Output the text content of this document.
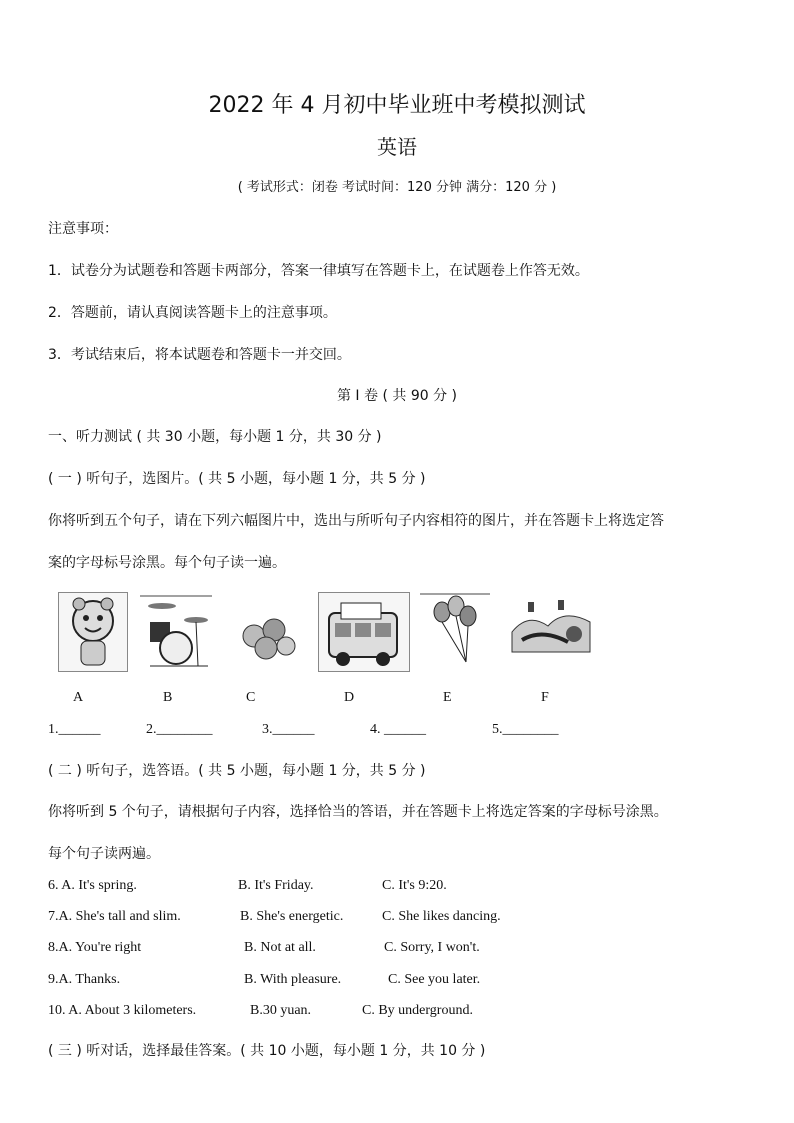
2022 年 4 月初中毕业班中考模拟测试
英语
( 考试形式：闭卷 考试时间：120 分钟 满分：120 分 )
注意事项：
1．试卷分为试题卷和答题卡两部分，答案一律填写在答题卡上，在试题卷上作答无效。
2．答题前，请认真阅读答题卡上的注意事项。
3．考试结束后，将本试题卷和答题卡一并交回。
第 I 卷 ( 共 90 分 )
一、听力测试 ( 共 30 小题，每小题 1 分，共 30 分 )
( 一 ) 听句子，选图片。( 共 5 小题，每小题 1 分，共 5 分 )
你将听到五个句子，请在下列六幅图片中，选出与所听句子内容相符的图片，并在答题卡上将选定答
案的字母标号涂黑。每个句子读一遍。
A	B	C	D	E	F
1.______	2.________	3.______	4. ______	5.________
( 二 ) 听句子，选答语。( 共 5 小题，每小题 1 分，共 5 分 )
你将听到 5 个句子，请根据句子内容，选择恰当的答语，并在答题卡上将选定答案的字母标号涂黑。
每个句子读两遍。
6. A. It's spring.	B. It's Friday.	C. It's 9:20.
7.A. She's tall and slim.	B. She's energetic.	C. She likes dancing.
8.A. You're right	B. Not at all.	C. Sorry, I won't.
9.A. Thanks.	B. With pleasure.	C. See you later.
10. A. About 3 kilometers.	B.30 yuan.	C. By underground.
( 三 ) 听对话，选择最佳答案。( 共 10 小题，每小题 1 分，共 10 分 )
